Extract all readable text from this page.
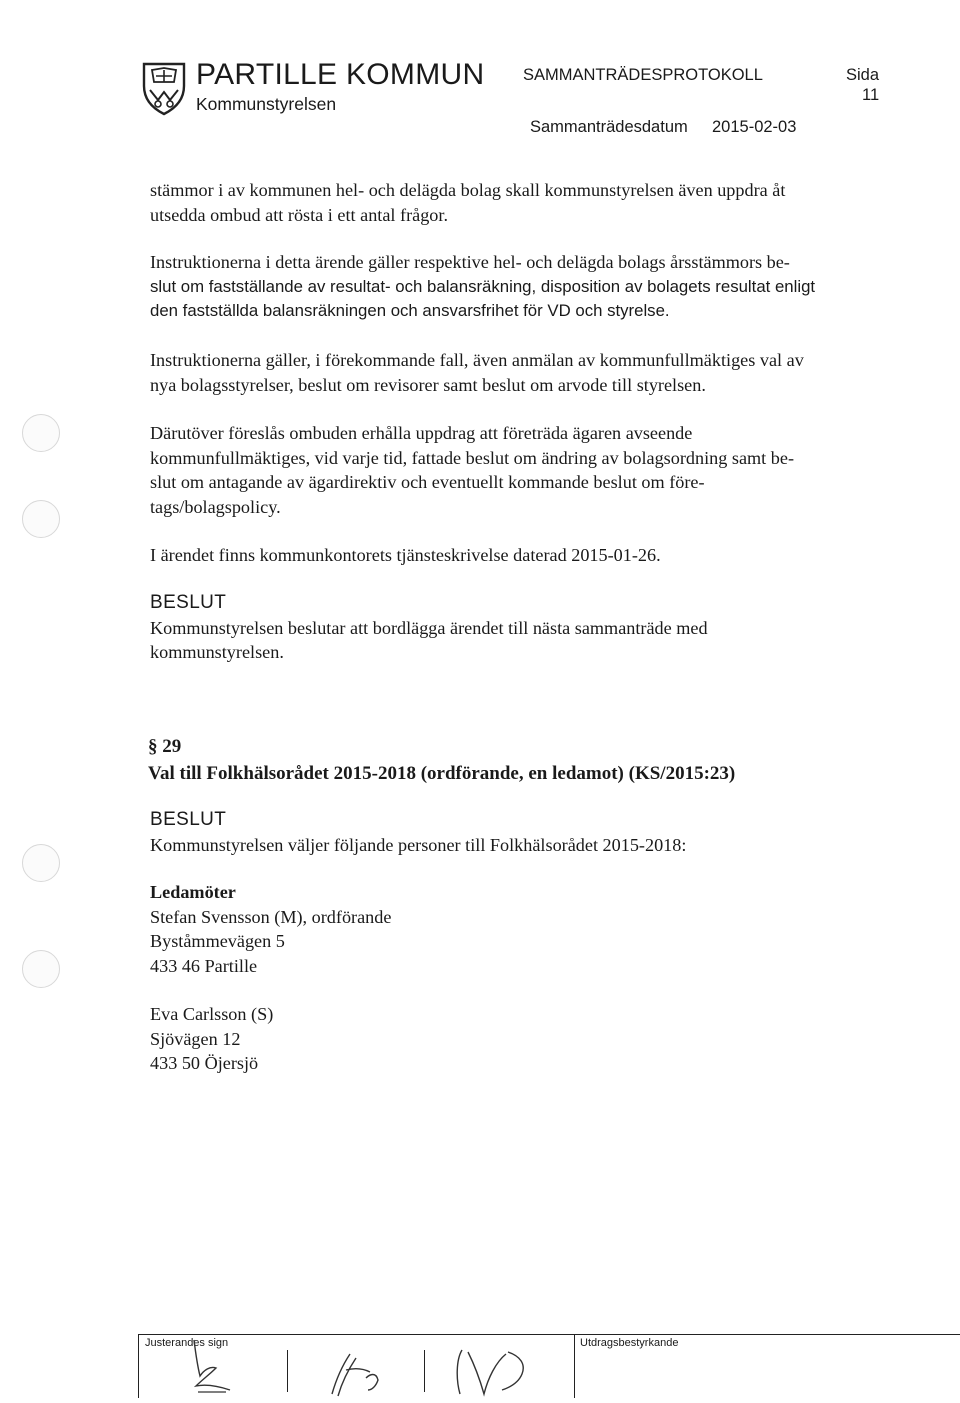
PARTILLE KOMMUN
Kommunstyrelsen
SAMMANTRÄDESPROTOKOLL	Sida
11
Sammanträdesdatum 2015-02-03
stämmor i av kommunen hel- och delägda bolag skall kommunstyrelsen även uppdra åt
utsedda ombud att rösta i ett antal frågor.
Instruktionerna i detta ärende gäller respektive hel- och delägda bolags årsstämmors be-
slut om fastställande av resultat- och balansräkning, disposition av bolagets resultat enligt
den fastställda balansräkningen och ansvarsfrihet för VD och styrelse.
Instruktionerna gäller, i förekommande fall, även anmälan av kommunfullmäktiges val av
nya bolagsstyrelser, beslut om revisorer samt beslut om arvode till styrelsen.
Därutöver föreslås ombuden erhålla uppdrag att företräda ägaren avseende
kommunfullmäktiges, vid varje tid, fattade beslut om ändring av bolagsordning samt be-
slut om antagande av ägardirektiv och eventuellt kommande beslut om före-
tags/bolagspolicy.
I ärendet finns kommunkontorets tjänsteskrivelse daterad 2015-01-26.
BESLUT
Kommunstyrelsen beslutar att bordlägga ärendet till nästa sammanträde med
kommunstyrelsen.
§ 29
Val till Folkhälsorådet 2015-2018 (ordförande, en ledamot) (KS/2015:23)
BESLUT
Kommunstyrelsen väljer följande personer till Folkhälsorådet 2015-2018:
Ledamöter
Stefan Svensson (M), ordförande
Byståmmevägen 5
433 46 Partille
Eva Carlsson (S)
Sjövägen 12
433 50 Öjersjö
Justerandes sign	Utdragsbestyrkande
